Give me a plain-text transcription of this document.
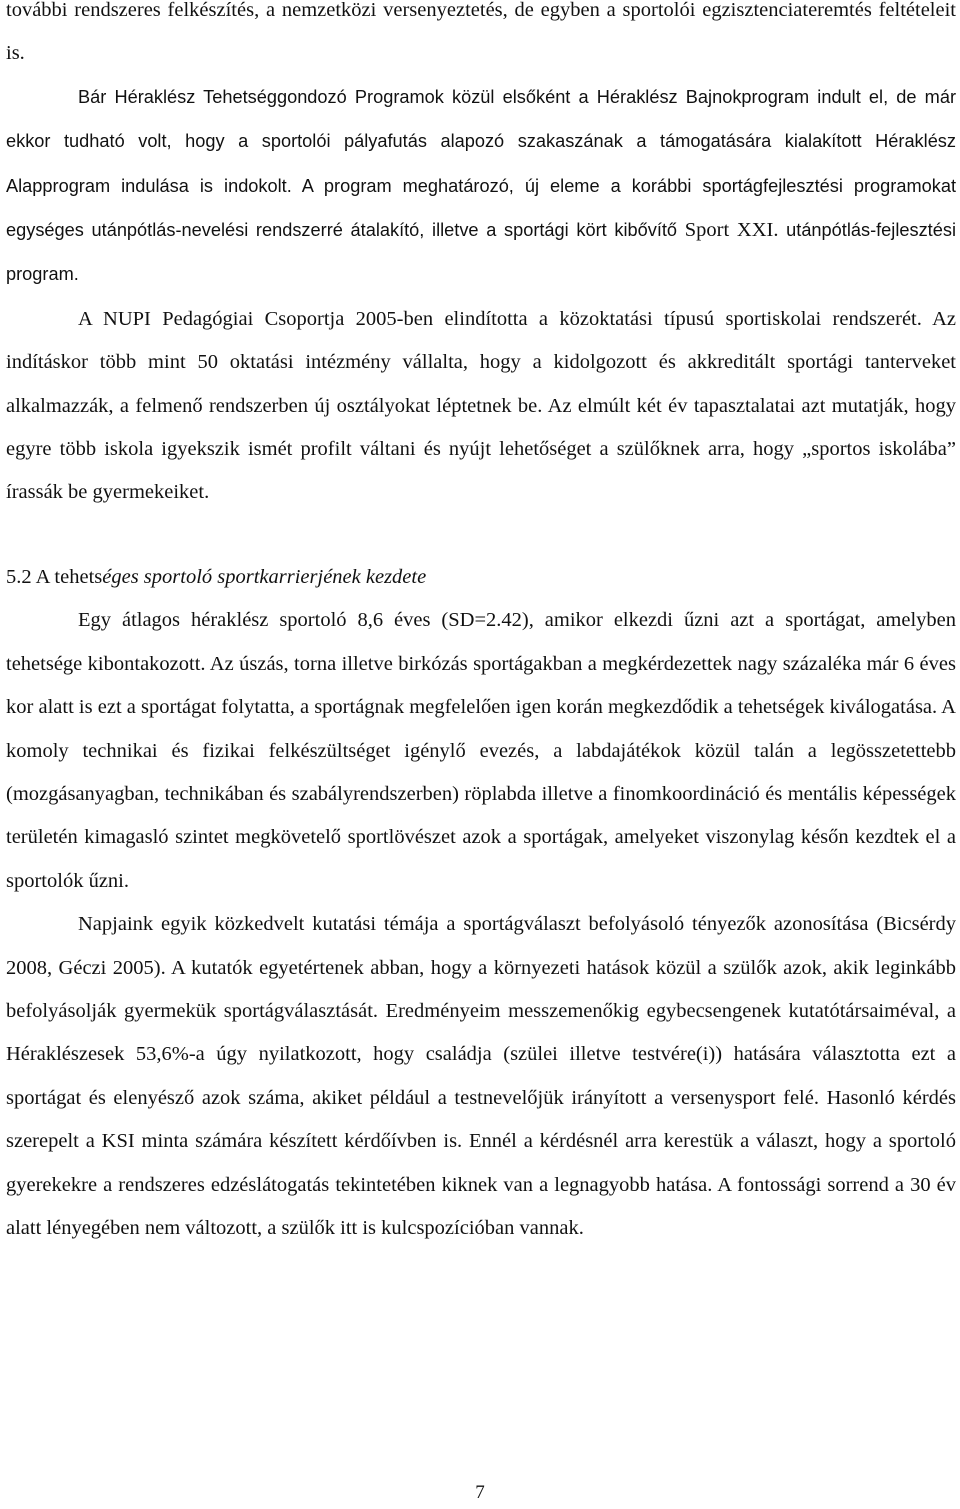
további rendszeres felkészítés, a nemzetközi versenyeztetés, de egyben a sportolói egzisztenciateremtés feltételeit is.

Bár Héraklész Tehetséggondozó Programok közül elsőként a Héraklész Bajnokprogram indult el, de már ekkor tudható volt, hogy a sportolói pályafutás alapozó szakaszának a támogatására kialakított Héraklész Alapprogram indulása is indokolt. A program meghatározó, új eleme a korábbi sportágfejlesztési programokat egységes utánpótlás-nevelési rendszerré átalakító, illetve a sportági kört kibővítő Sport XXI. utánpótlás-fejlesztési program.

A NUPI Pedagógiai Csoportja 2005-ben elindította a közoktatási típusú sportiskolai rendszerét. Az indításkor több mint 50 oktatási intézmény vállalta, hogy a kidolgozott és akkreditált sportági tanterveket alkalmazzák, a felmenő rendszerben új osztályokat léptetnek be. Az elmúlt két év tapasztalatai azt mutatják, hogy egyre több iskola igyekszik ismét profilt váltani és nyújt lehetőséget a szülőknek arra, hogy „sportos iskolába” írassák be gyermekeiket.

5.2 A tehetséges sportoló sportkarrierjének kezdete

Egy átlagos héraklész sportoló 8,6 éves (SD=2.42), amikor elkezdi űzni azt a sportágat, amelyben tehetsége kibontakozott. Az úszás, torna illetve birkózás sportágakban a megkérdezettek nagy százaléka már 6 éves kor alatt is ezt a sportágat folytatta, a sportágnak megfelelően igen korán megkezdődik a tehetségek kiválogatása. A komoly technikai és fizikai felkészültséget igénylő evezés, a labdajátékok közül talán a legösszetettebb (mozgásanyagban, technikában és szabályrendszerben) röplabda illetve a finomkoordináció és mentális képességek területén kimagasló szintet megkövetelő sportlövészet azok a sportágak, amelyeket viszonylag későn kezdtek el a sportolók űzni.

Napjaink egyik közkedvelt kutatási témája a sportágválaszt befolyásoló tényezők azonosítása (Bicsérdy 2008, Géczi 2005). A kutatók egyetértenek abban, hogy a környezeti hatások közül a szülők azok, akik leginkább befolyásolják gyermekük sportágválasztását. Eredményeim messzemenőkig egybecsengenek kutatótársaiméval, a Héraklészesek 53,6%-a úgy nyilatkozott, hogy családja (szülei illetve testvére(i)) hatására választotta ezt a sportágat és elenyésző azok száma, akiket például a testnevelőjük irányított a versenysport felé. Hasonló kérdés szerepelt a KSI minta számára készített kérdőívben is. Ennél a kérdésnél arra kerestük a választ, hogy a sportoló gyerekekre a rendszeres edzéslátogatás tekintetében kiknek van a legnagyobb hatása. A fontossági sorrend a 30 év alatt lényegében nem változott, a szülők itt is kulcspozícióban vannak.

7
